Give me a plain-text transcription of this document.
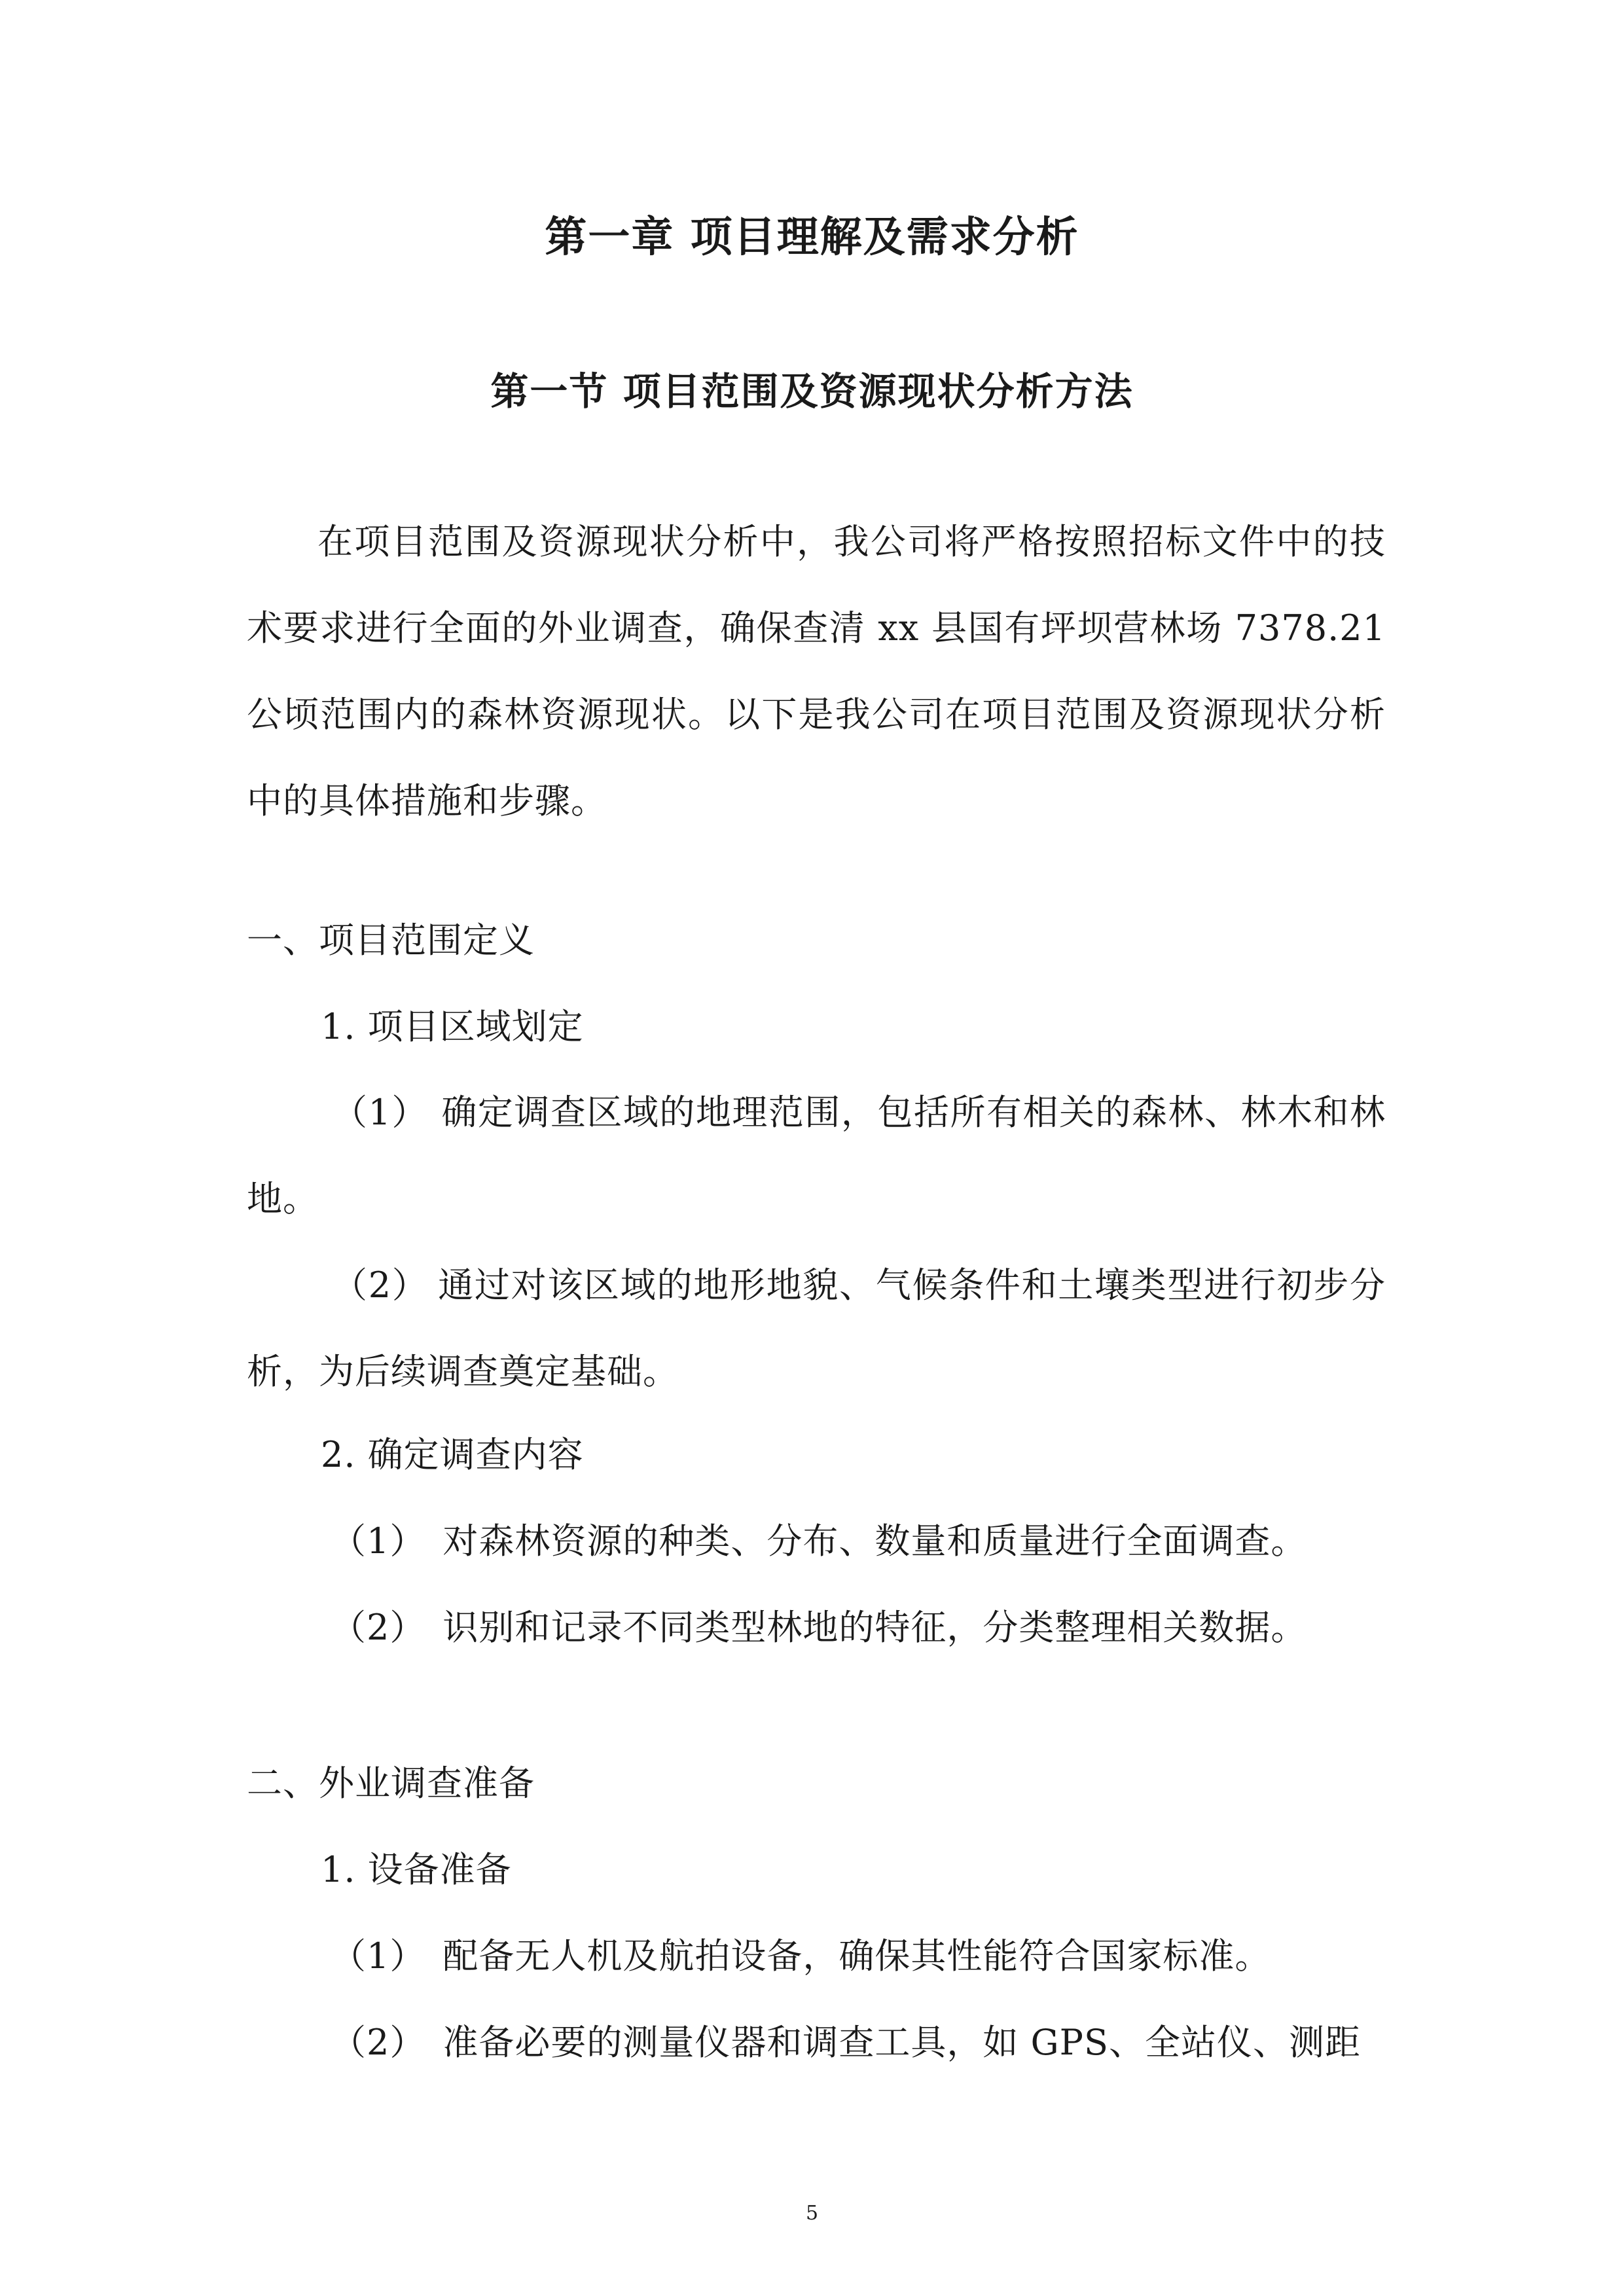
第一章 项目理解及需求分析
第一节 项目范围及资源现状分析方法
在项目范围及资源现状分析中，我公司将严格按照招标文件中的技术要求进行全面的外业调查，确保查清 xx 县国有坪坝营林场 7378.21 公顷范围内的森林资源现状。以下是我公司在项目范围及资源现状分析中的具体措施和步骤。
一、项目范围定义
1. 项目区域划定
（1） 确定调查区域的地理范围，包括所有相关的森林、林木和林地。
（2） 通过对该区域的地形地貌、气候条件和土壤类型进行初步分析，为后续调查奠定基础。
2. 确定调查内容
（1） 对森林资源的种类、分布、数量和质量进行全面调查。
（2） 识别和记录不同类型林地的特征，分类整理相关数据。
二、外业调查准备
1. 设备准备
（1） 配备无人机及航拍设备，确保其性能符合国家标准。
（2） 准备必要的测量仪器和调查工具，如 GPS、全站仪、测距
5
